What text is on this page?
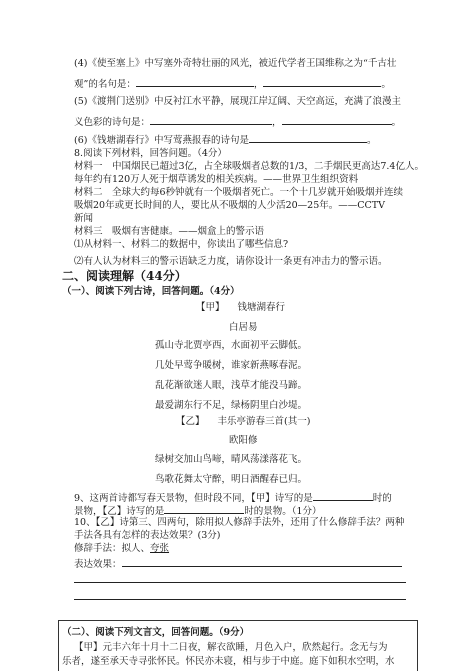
(4)《使至塞上》中写塞外奇特壮丽的风光，被近代学者王国维称之为“千古壮
观”的名句是：	，	。
(5)《渡荆门送别》中反衬江水平静，展现江岸辽阔、天空高远，充满了浪漫主
义色彩的诗句是：	，	。
(6)《钱塘湖春行》中写莺燕报春的诗句是	。
8.阅读下列材料，回答问题。（4分）
材料一　中国烟民已超过3亿，占全球吸烟者总数的1/3，二手烟民更高达7.4亿人。
每年约有120万人死于烟草诱发的相关疾病。——世界卫生组织资料
材料二　全球大约每6秒钟就有一个吸烟者死亡。一个十几岁就开始吸烟并连续
吸烟20年或更长时间的人，要比从不吸烟的人少活20—25年。——CCTV
新闻
材料三　吸烟有害健康。——烟盒上的警示语
⑴从材料一、材料二的数据中，你读出了哪些信息?
⑵有人认为材料三的警示语缺乏力度，请你设计一条更有冲击力的警示语。
二、阅读理解（44分）
（一）、阅读下列古诗，回答问题。（4分）
【甲】 钱塘湖春行
白居易
孤山寺北贾亭西，水面初平云脚低。
几处早莺争暖树，谁家新燕啄春泥。
乱花渐欲迷人眼，浅草才能没马蹄。
最爱湖东行不足，绿杨阴里白沙堤。
【乙】 丰乐亭游春三首(其一)
欧阳修
绿树交加山鸟啼，晴风荡漾落花飞。
鸟歌花舞太守醉，明日酒醒春已归。
9、这两首诗都写春天景物，但时段不同，【甲】诗写的是	时的
景物，【乙】诗写的是	时的景物。（1分）
10、【乙】诗第三、四两句，除用拟人修辞手法外，还用了什么修辞手法？两种
手法各具有怎样的表达效果？(3分)
修辞手法：拟人、夸张
表达效果：
（二）、阅读下列文言文，回答问题。（9分）
【甲】元丰六年十月十二日夜，解衣欲睡，月色入户，欣然起行。念无与为
乐者，遂至承天寺寻张怀民。怀民亦未寝，相与步于中庭。庭下如积水空明，水
